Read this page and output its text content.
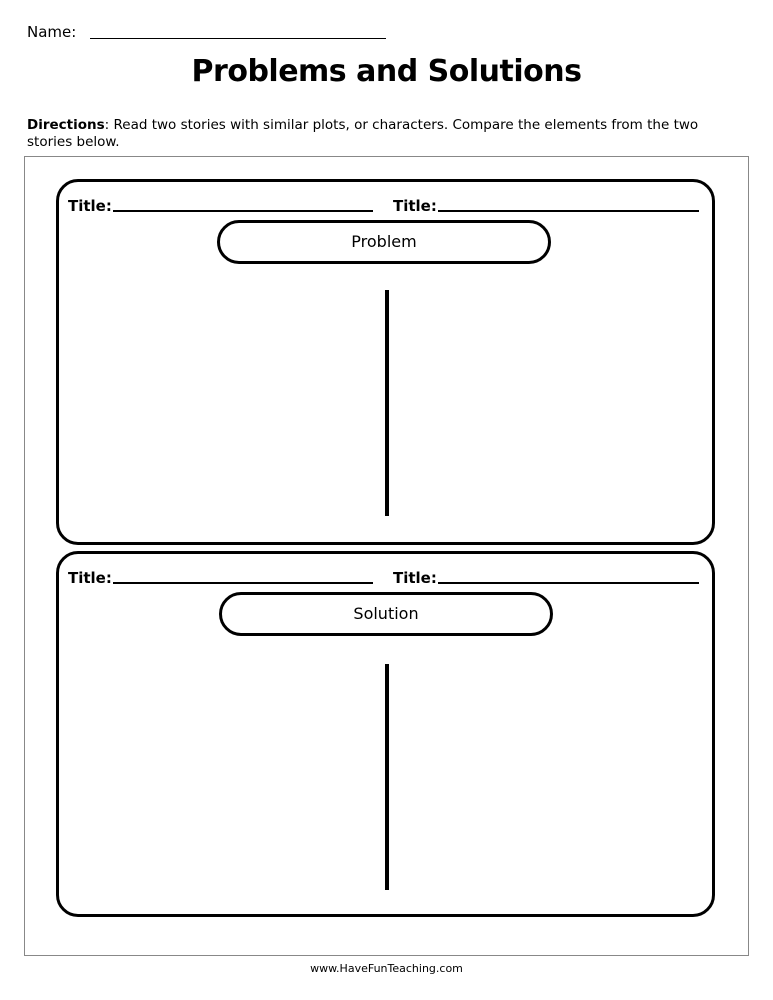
Name:
Problems and Solutions
Directions: Read two stories with similar plots, or characters. Compare the elements from the two stories below.
Title:	Title:
Problem
Title:	Title:
Solution
www.HaveFunTeaching.com
